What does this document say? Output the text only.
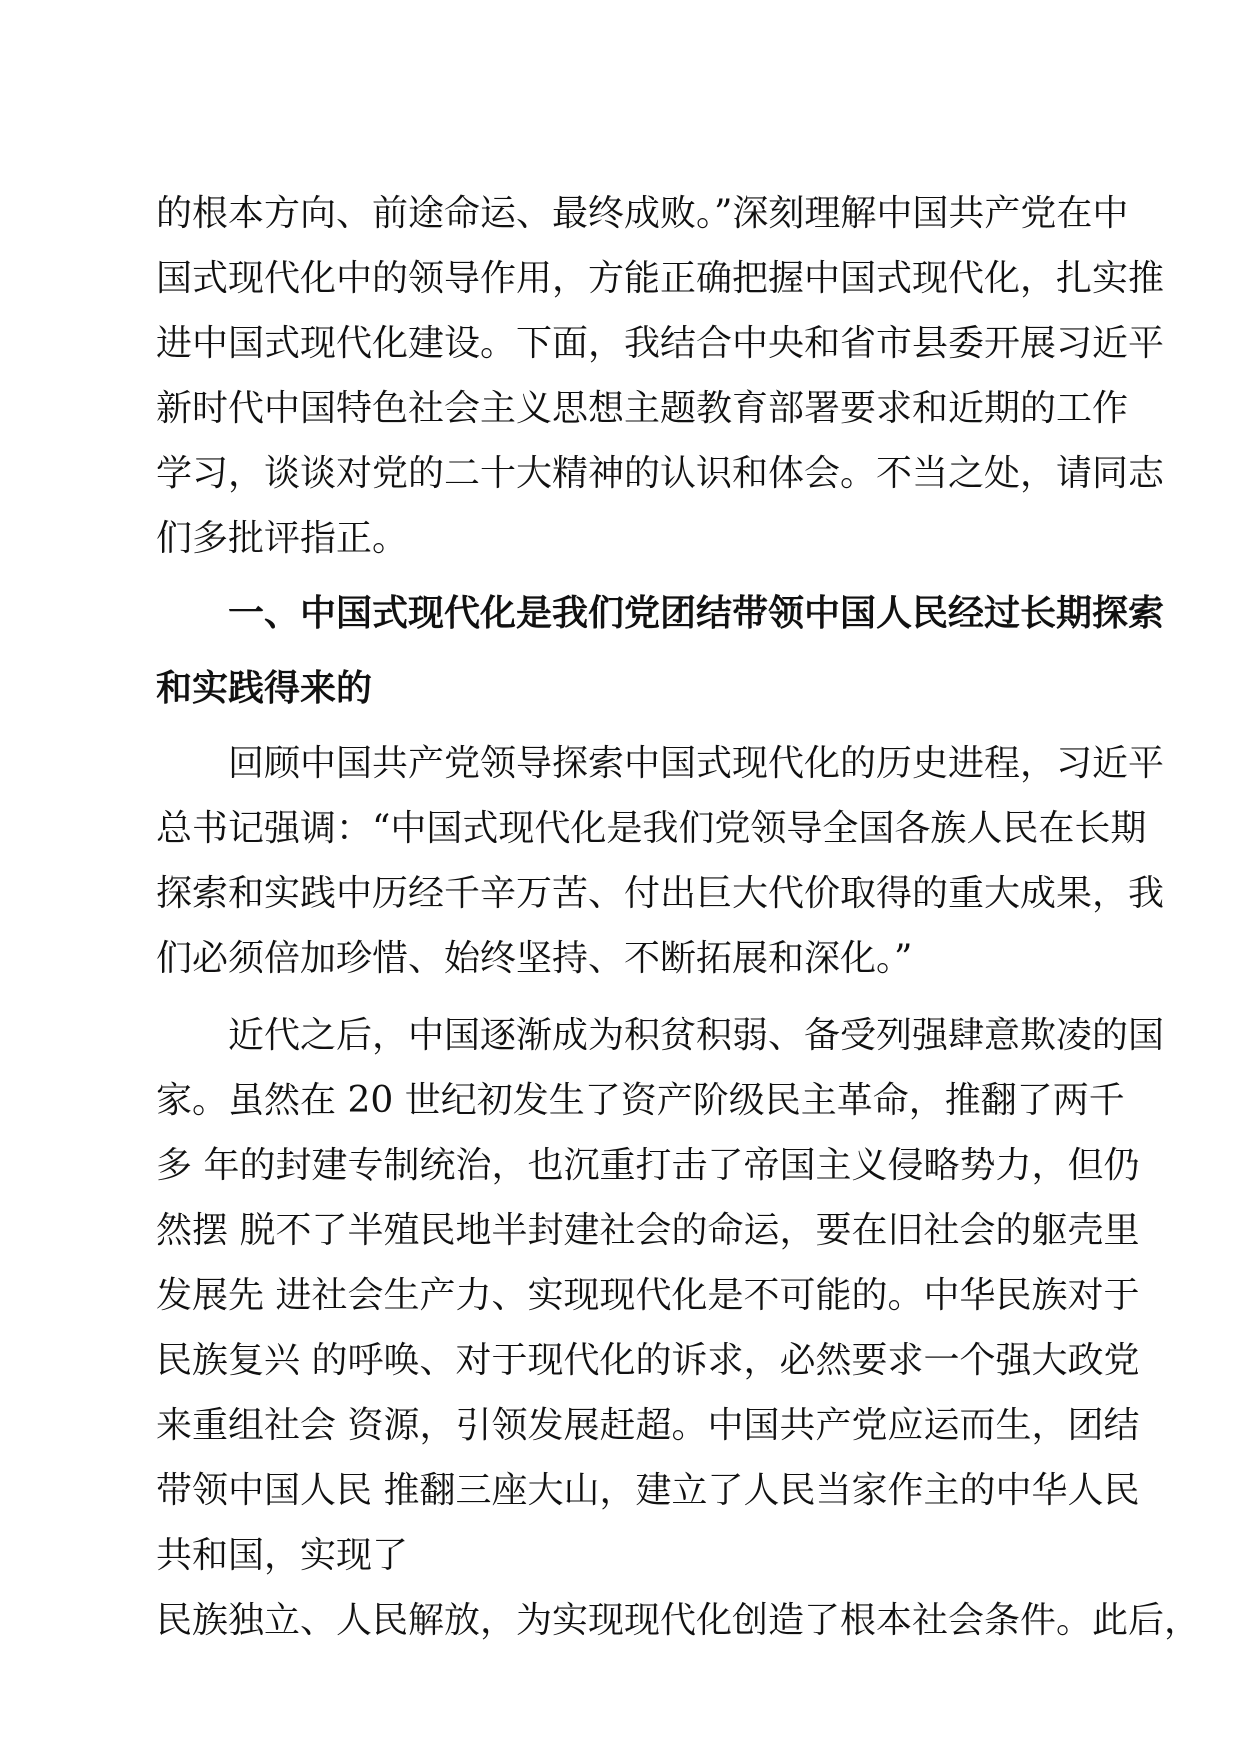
的根本方向、前途命运、最终成败。”深刻理解中国共产党在中
国式现代化中的领导作用，方能正确把握中国式现代化，扎实推
进中国式现代化建设。下面，我结合中央和省市县委开展习近平
新时代中国特色社会主义思想主题教育部署要求和近期的工作
学习，谈谈对党的二十大精神的认识和体会。不当之处，请同志
们多批评指正。
一、中国式现代化是我们党团结带领中国人民经过长期探索
和实践得来的
回顾中国共产党领导探索中国式现代化的历史进程，习近平
总书记强调：“中国式现代化是我们党领导全国各族人民在长期
探索和实践中历经千辛万苦、付出巨大代价取得的重大成果，我
们必须倍加珍惜、始终坚持、不断拓展和深化。”
近代之后，中国逐渐成为积贫积弱、备受列强肆意欺凌的国
家。虽然在 20 世纪初发生了资产阶级民主革命，推翻了两千
多 年的封建专制统治，也沉重打击了帝国主义侵略势力，但仍
然摆 脱不了半殖民地半封建社会的命运，要在旧社会的躯壳里
发展先 进社会生产力、实现现代化是不可能的。中华民族对于
民族复兴 的呼唤、对于现代化的诉求，必然要求一个强大政党
来重组社会 资源，引领发展赶超。中国共产党应运而生，团结
带领中国人民 推翻三座大山，建立了人民当家作主的中华人民
共和国，实现了
民族独立、人民解放，为实现现代化创造了根本社会条件。此后，
